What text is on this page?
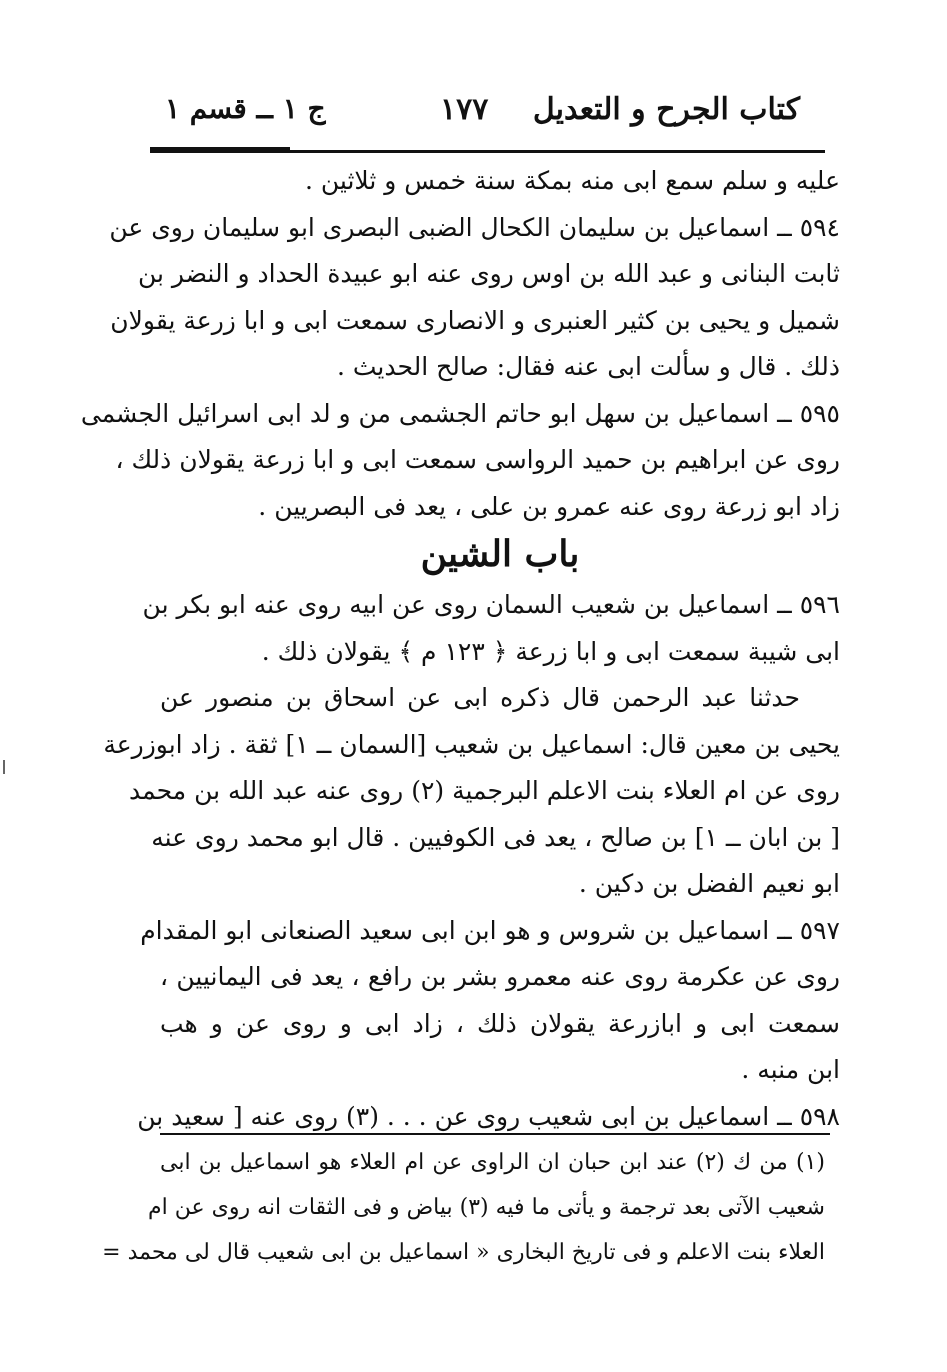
كتاب الجرح و التعديل
١٧٧
ج ١ ــ قسم ١
عليه و سلم سمع ابی منه بمکة سنة خمس و ثلاثین .
٥٩٤ ــ اسماعیل بن سلیمان الكحال الضبی البصری ابو سلیمان روی عن
ثابت البنانی و عبد الله بن اوس روی عنه ابو عبیدة الحداد و النضر بن
شمیل و یحیی بن کثیر العنبری و الانصاری سمعت ابی و ابا زرعة یقولان
ذلك . قال و سألت ابی عنه فقال: صالح الحدیث .
٥٩٥ ــ اسماعیل بن سهل ابو حاتم الجشمی من و لد ابی اسرائیل الجشمی
روی عن ابراهیم بن حمید الرواسی سمعت ابی و ابا زرعة یقولان ذلك ،
زاد ابو زرعة روی عنه عمرو بن علی ، یعد فی البصریین .
باب الشين
٥٩٦ ــ اسماعیل بن شعیب السمان روی عن ابیه روی عنه ابو بکر بن
ابی شیبة سمعت ابی و ابا زرعة ﴿ ١٢٣ م ﴾ یقولان ذلك .
حدثنا عبد الرحمن قال ذکره ابی عن اسحاق بن منصور عن
یحیی بن معین قال: اسماعیل بن شعیب [السمان ــ ١] ثقة . زاد ابوزرعة
روی عن ام العلاء بنت الاعلم البرجمیة (٢) روی عنه عبد الله بن محمد
[ بن ابان ــ ١] بن صالح ، یعد فی الکوفیین . قال ابو محمد روی عنه
ابو نعیم الفضل بن دکین .
٥٩٧ ــ اسماعیل بن شروس و هو ابن ابی سعید الصنعانی ابو المقدام
روی عن عکرمة روی عنه معمرو بشر بن رافع ، یعد فی الیمانیین ،
سمعت ابی و ابازرعة یقولان ذلك ، زاد ابی و روی عن و هب
ابن منبه .
٥٩٨ ــ اسماعیل بن ابی شعیب روی عن . . . (٣) روی عنه [ سعید بن
(١) من ك (٢) عند ابن حبان ان الراوی عن ام العلاء هو اسماعیل بن ابی
شعیب الآتی بعد ترجمة و یأتی ما فیه (٣) بیاض و فی الثقات انه روی عن ام
العلاء بنت الاعلم و فی تاریخ البخاری « اسماعیل بن ابی شعیب قال لی محمد =
